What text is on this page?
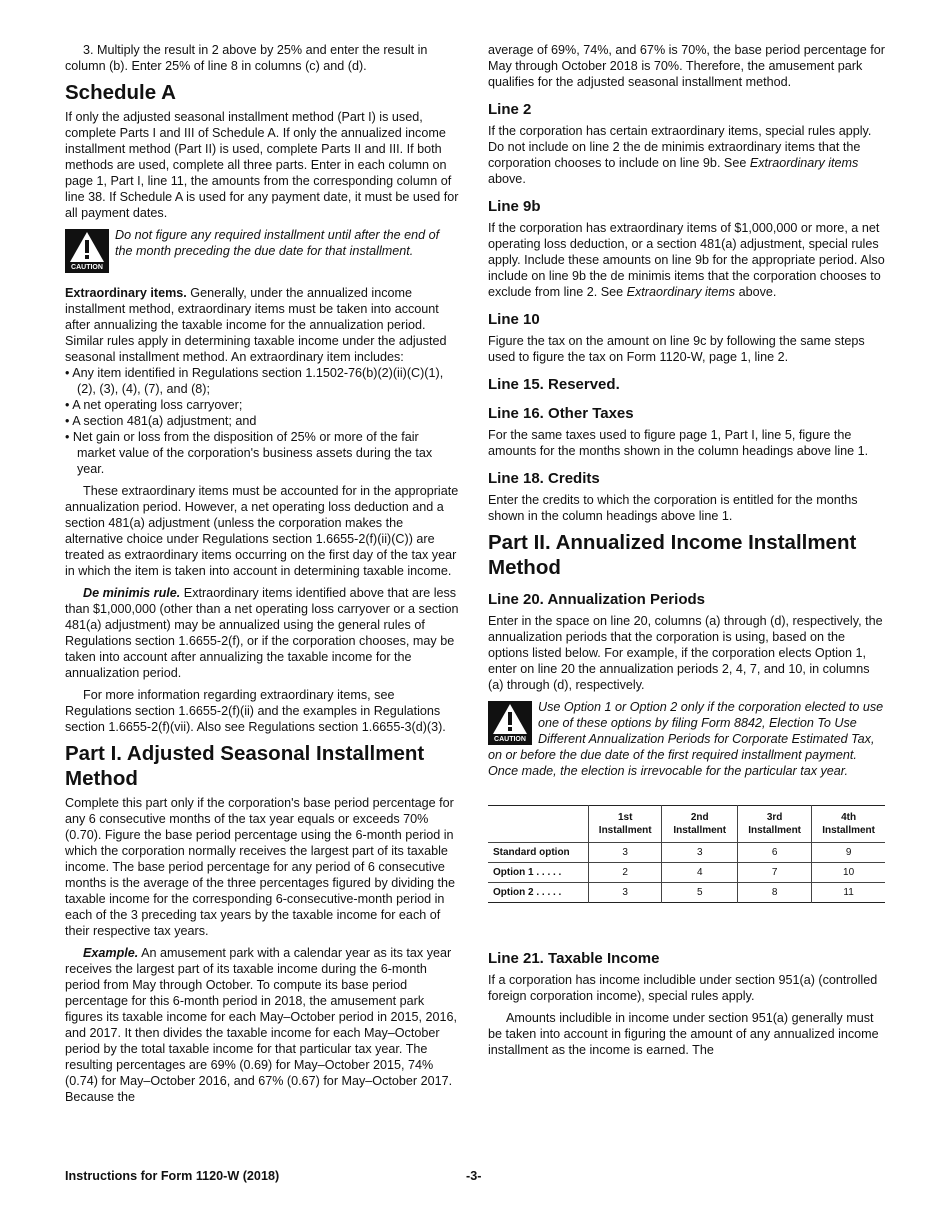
3. Multiply the result in 2 above by 25% and enter the result in column (b). Enter 25% of line 8 in columns (c) and (d).

Schedule A

If only the adjusted seasonal installment method (Part I) is used, complete Parts I and III of Schedule A. If only the annualized income installment method (Part II) is used, complete Parts II and III. If both methods are used, complete all three parts. Enter in each column on page 1, Part I, line 11, the amounts from the corresponding column of line 38. If Schedule A is used for any payment date, it must be used for all payment dates.

CAUTION
Do not figure any required installment until after the end of the month preceding the due date for that installment.

Extraordinary items. Generally, under the annualized income installment method, extraordinary items must be taken into account after annualizing the taxable income for the annualization period. Similar rules apply in determining taxable income under the adjusted seasonal installment method. An extraordinary item includes:

• Any item identified in Regulations section 1.1502-76(b)(2)(ii)(C)(1), (2), (3), (4), (7), and (8);

• A net operating loss carryover;

• A section 481(a) adjustment; and

• Net gain or loss from the disposition of 25% or more of the fair market value of the corporation's business assets during the tax year.

These extraordinary items must be accounted for in the appropriate annualization period. However, a net operating loss deduction and a section 481(a) adjustment (unless the corporation makes the alternative choice under Regulations section 1.6655-2(f)(ii)(C)) are treated as extraordinary items occurring on the first day of the tax year in which the item is taken into account in determining taxable income.

De minimis rule. Extraordinary items identified above that are less than $1,000,000 (other than a net operating loss carryover or a section 481(a) adjustment) may be annualized using the general rules of Regulations section 1.6655-2(f), or if the corporation chooses, may be taken into account after annualizing the taxable income for the annualization period.

For more information regarding extraordinary items, see Regulations section 1.6655-2(f)(ii) and the examples in Regulations section 1.6655-2(f)(vii). Also see Regulations section 1.6655-3(d)(3).

Part I. Adjusted Seasonal Installment Method

Complete this part only if the corporation's base period percentage for any 6 consecutive months of the tax year equals or exceeds 70% (0.70). Figure the base period percentage using the 6-month period in which the corporation normally receives the largest part of its taxable income. The base period percentage for any period of 6 consecutive months is the average of the three percentages figured by dividing the taxable income for the corresponding 6-consecutive-month period in each of the 3 preceding tax years by the taxable income for each of their respective tax years.

Example. An amusement park with a calendar year as its tax year receives the largest part of its taxable income during the 6-month period from May through October. To compute its base period percentage for this 6-month period in 2018, the amusement park figures its taxable income for each May–October period in 2015, 2016, and 2017. It then divides the taxable income for each May–October period by the total taxable income for that particular tax year. The resulting percentages are 69% (0.69) for May–October 2015, 74% (0.74) for May–October 2016, and 67% (0.67) for May–October 2017. Because the

average of 69%, 74%, and 67% is 70%, the base period percentage for May through October 2018 is 70%. Therefore, the amusement park qualifies for the adjusted seasonal installment method.

Line 2

If the corporation has certain extraordinary items, special rules apply. Do not include on line 2 the de minimis extraordinary items that the corporation chooses to include on line 9b. See Extraordinary items above.

Line 9b

If the corporation has extraordinary items of $1,000,000 or more, a net operating loss deduction, or a section 481(a) adjustment, special rules apply. Include these amounts on line 9b for the appropriate period. Also include on line 9b the de minimis items that the corporation chooses to exclude from line 2. See Extraordinary items above.

Line 10

Figure the tax on the amount on line 9c by following the same steps used to figure the tax on Form 1120-W, page 1, line 2.

Line 15. Reserved.
Line 16. Other Taxes

For the same taxes used to figure page 1, Part I, line 5, figure the amounts for the months shown in the column headings above line 1.

Line 18. Credits

Enter the credits to which the corporation is entitled for the months shown in the column headings above line 1.

Part II. Annualized Income Installment Method
Line 20. Annualization Periods

Enter in the space on line 20, columns (a) through (d), respectively, the annualization periods that the corporation is using, based on the options listed below. For example, if the corporation elects Option 1, enter on line 20 the annualization periods 2, 4, 7, and 10, in columns (a) through (d), respectively.

CAUTION
Use Option 1 or Option 2 only if the corporation elected to use one of these options by filing Form 8842, Election To Use Different Annualization Periods for Corporate Estimated Tax, on or before the due date of the first required installment payment. Once made, the election is irrevocable for the particular tax year.
	1st Installment	2nd Installment	3rd Installment	4th Installment
Standard option	3	3	6	9
Option 1 . . . . .	2	4	7	10
Option 2 . . . . .	3	5	8	11
Line 21. Taxable Income

If a corporation has income includible under section 951(a) (controlled foreign corporation income), special rules apply.

Amounts includible in income under section 951(a) generally must be taken into account in figuring the amount of any annualized income installment as the income is earned. The

Instructions for Form 1120-W (2018)	-3-
